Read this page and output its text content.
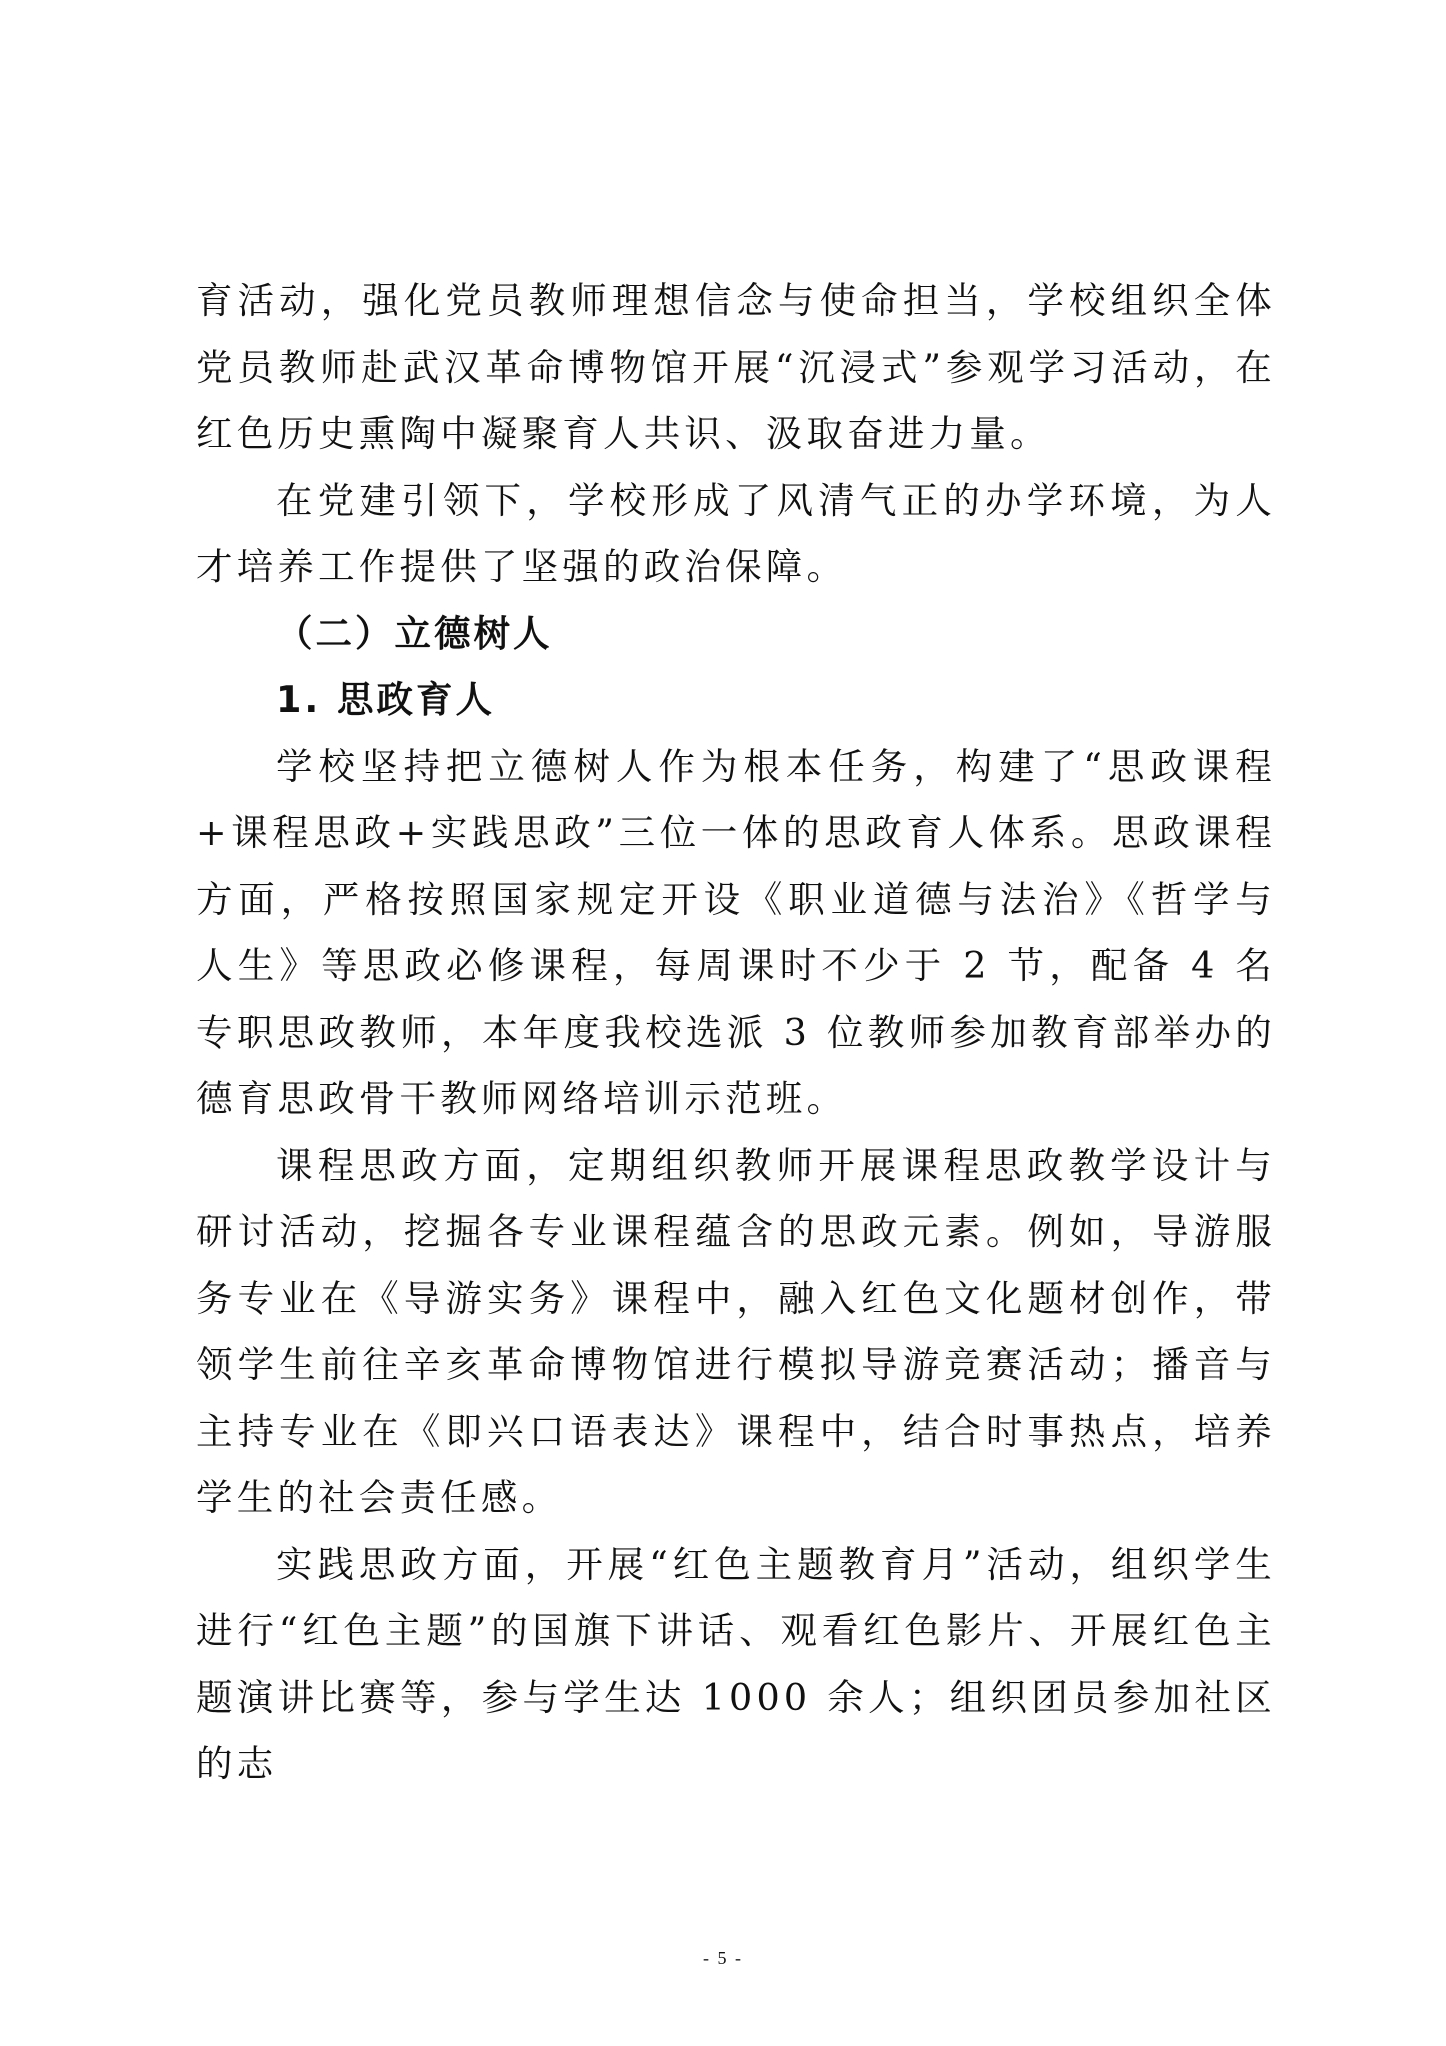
育活动，强化党员教师理想信念与使命担当，学校组织全体党员教师赴武汉革命博物馆开展“沉浸式”参观学习活动，在红色历史熏陶中凝聚育人共识、汲取奋进力量。

在党建引领下，学校形成了风清气正的办学环境，为人才培养工作提供了坚强的政治保障。

（二）立德树人

1. 思政育人

学校坚持把立德树人作为根本任务，构建了“思政课程+课程思政+实践思政”三位一体的思政育人体系。思政课程方面，严格按照国家规定开设《职业道德与法治》《哲学与人生》等思政必修课程，每周课时不少于 2 节，配备 4 名专职思政教师，本年度我校选派 3 位教师参加教育部举办的德育思政骨干教师网络培训示范班。

课程思政方面，定期组织教师开展课程思政教学设计与研讨活动，挖掘各专业课程蕴含的思政元素。例如，导游服务专业在《导游实务》课程中，融入红色文化题材创作，带领学生前往辛亥革命博物馆进行模拟导游竞赛活动；播音与主持专业在《即兴口语表达》课程中，结合时事热点，培养学生的社会责任感。

实践思政方面，开展“红色主题教育月”活动，组织学生进行“红色主题”的国旗下讲话、观看红色影片、开展红色主题演讲比赛等，参与学生达 1000 余人；组织团员参加社区的志

- 5 -
